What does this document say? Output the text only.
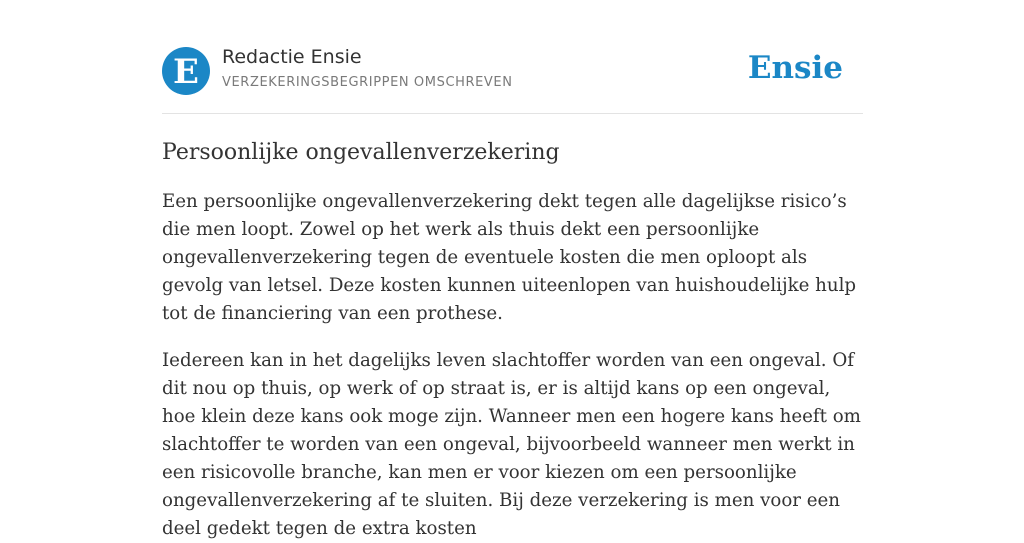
E Redactie Ensie
VERZEKERINGSBEGRIPPEN OMSCHREVEN	Ensie
Persoonlijke ongevallenverzekering

Een persoonlijke ongevallenverzekering dekt tegen alle dagelijkse risico’s die men loopt. Zowel op het werk als thuis dekt een persoonlijke ongevallenverzekering tegen de eventuele kosten die men oploopt als gevolg van letsel. Deze kosten kunnen uiteenlopen van huishoudelijke hulp tot de financiering van een prothese.

Iedereen kan in het dagelijks leven slachtoffer worden van een ongeval. Of dit nou op thuis, op werk of op straat is, er is altijd kans op een ongeval, hoe klein deze kans ook moge zijn. Wanneer men een hogere kans heeft om slachtoffer te worden van een ongeval, bijvoorbeeld wanneer men werkt in een risicovolle branche, kan men er voor kiezen om een persoonlijke ongevallenverzekering af te sluiten. Bij deze verzekering is men voor een deel gedekt tegen de extra kosten
